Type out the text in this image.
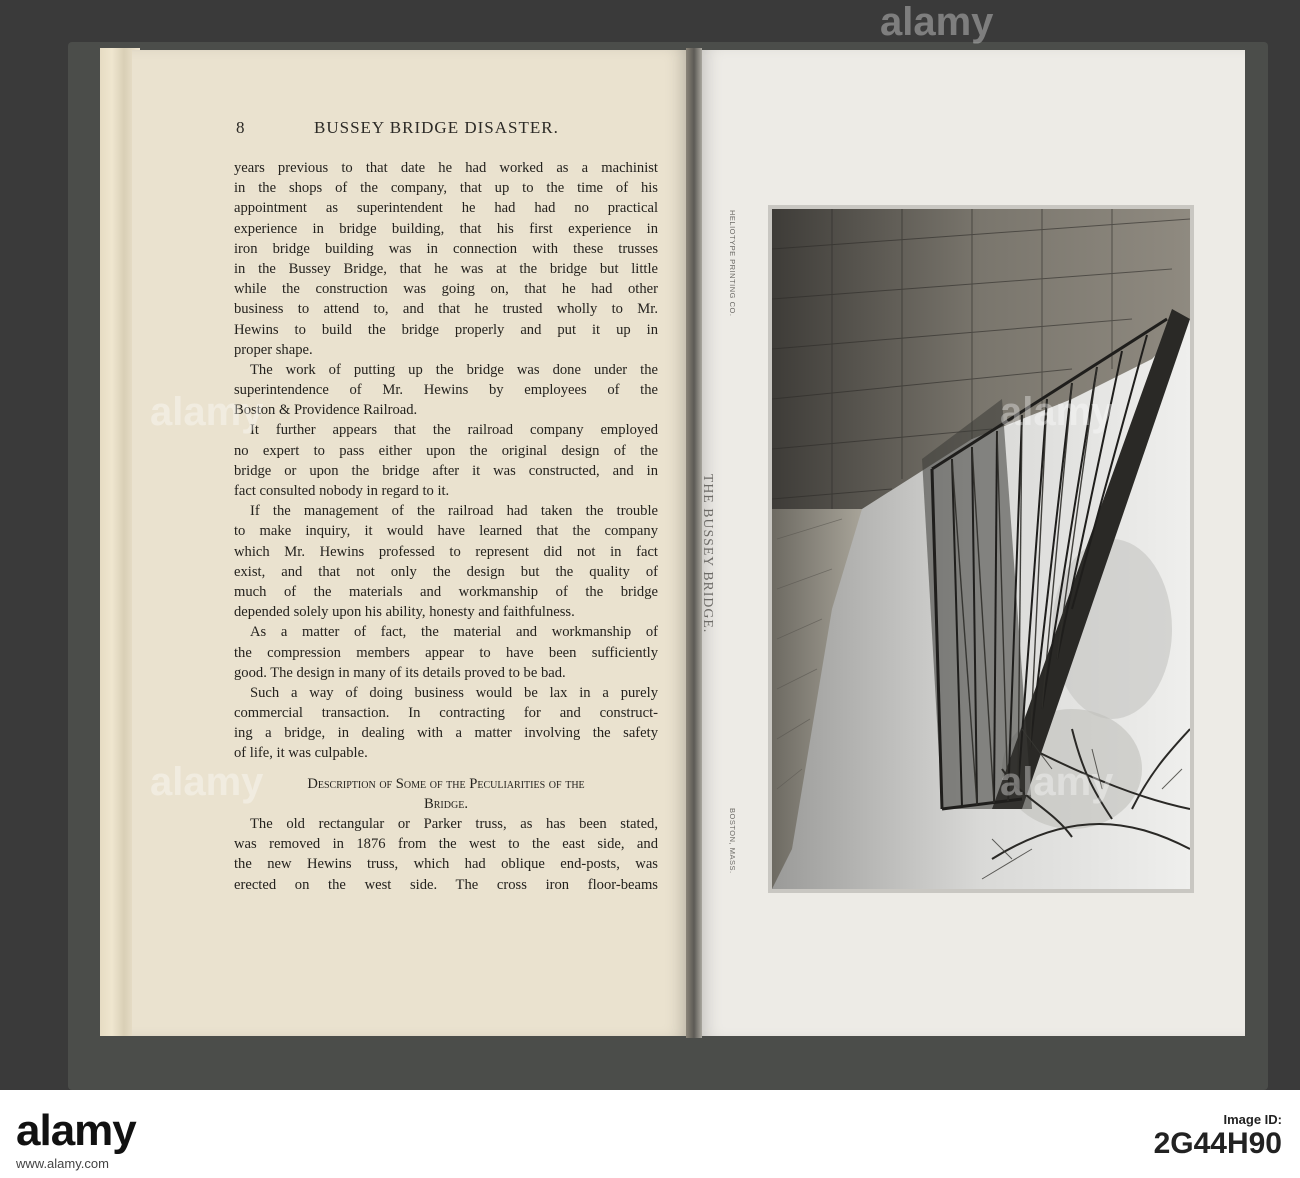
8	BUSSEY BRIDGE DISASTER.
years previous to that date he had worked as a machinist
in the shops of the company, that up to the time of his
appointment as superintendent he had had no practical
experience in bridge building, that his first experience in
iron bridge building was in connection with these trusses
in the Bussey Bridge, that he was at the bridge but little
while the construction was going on, that he had other
business to attend to, and that he trusted wholly to Mr.
Hewins to build the bridge properly and put it up in
proper shape.
The work of putting up the bridge was done under the
superintendence of Mr. Hewins by employees of the
Boston & Providence Railroad.
It further appears that the railroad company employed
no expert to pass either upon the original design of the
bridge or upon the bridge after it was constructed, and in
fact consulted nobody in regard to it.
If the management of the railroad had taken the trouble
to make inquiry, it would have learned that the company
which Mr. Hewins professed to represent did not in fact
exist, and that not only the design but the quality of
much of the materials and workmanship of the bridge
depended solely upon his ability, honesty and faithfulness.
As a matter of fact, the material and workmanship of
the compression members appear to have been sufficiently
good. The design in many of its details proved to be bad.
Such a way of doing business would be lax in a purely
commercial transaction. In contracting for and construct-
ing a bridge, in dealing with a matter involving the safety
of life, it was culpable.
Description of Some of the Peculiarities of the
Bridge.
The old rectangular or Parker truss, as has been stated,
was removed in 1876 from the west to the east side, and
the new Hewins truss, which had oblique end-posts, was
erected on the west side. The cross iron floor-beams
HELIOTYPE PRINTING CO.
THE BUSSEY BRIDGE.
BOSTON, MASS.
alamy	alamy
alamy
alamy	alamy
alamy	Image ID:
2G44H90
www.alamy.com
